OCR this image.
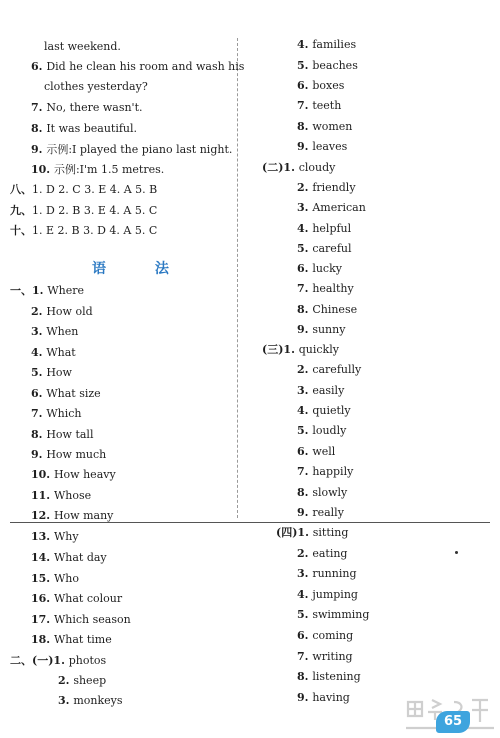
语 法
last weekend.
6. Did he clean his room and wash his
clothes yesterday?
7. No, there wasn't.
8. It was beautiful.
9. 示例:I played the piano last night.
10. 示例:I'm 1.5 metres.
八、1. D 2. C 3. E 4. A 5. B
九、1. D 2. B 3. E 4. A 5. C
十、1. E 2. B 3. D 4. A 5. C
一、1. Where
2. How old
3. When
4. What
5. How
6. What size
7. Which
8. How tall
9. How much
10. How heavy
11. Whose
12. How many
13. Why
14. What day
15. Who
16. What colour
17. Which season
18. What time
二、(一)1. photos
2. sheep
3. monkeys
4. families
5. beaches
6. boxes
7. teeth
8. women
9. leaves
(二)1. cloudy
2. friendly
3. American
4. helpful
5. careful
6. lucky
7. healthy
8. Chinese
9. sunny
(三)1. quickly
2. carefully
3. easily
4. quietly
5. loudly
6. well
7. happily
8. slowly
9. really
(四)1. sitting
2. eating
3. running
4. jumping
5. swimming
6. coming
7. writing
8. listening
9. having
65
